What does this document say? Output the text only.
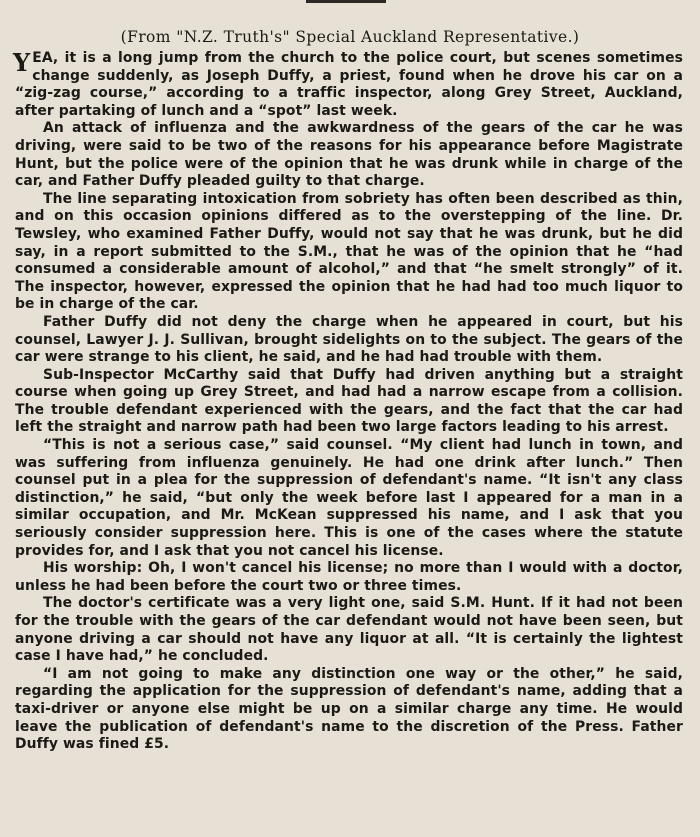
(From "N.Z. Truth's" Special Auckland Representative.)

YEA, it is a long jump from the church to the police court, but scenes sometimes change suddenly, as Joseph Duffy, a priest, found when he drove his car on a “zig-zag course,” according to a traffic inspector, along Grey Street, Auckland, after partaking of lunch and a “spot” last week.

An attack of influenza and the awkwardness of the gears of the car he was driving, were said to be two of the reasons for his appearance before Magistrate Hunt, but the police were of the opinion that he was drunk while in charge of the car, and Father Duffy pleaded guilty to that charge.

The line separating intoxication from sobriety has often been described as thin, and on this occasion opinions differed as to the overstepping of the line. Dr. Tewsley, who examined Father Duffy, would not say that he was drunk, but he did say, in a report submitted to the S.M., that he was of the opinion that he “had consumed a considerable amount of alcohol,” and that “he smelt strongly” of it. The inspector, however, expressed the opinion that he had had too much liquor to be in charge of the car.

Father Duffy did not deny the charge when he appeared in court, but his counsel, Lawyer J. J. Sullivan, brought sidelights on to the subject. The gears of the car were strange to his client, he said, and he had had trouble with them.

Sub-Inspector McCarthy said that Duffy had driven anything but a straight course when going up Grey Street, and had had a narrow escape from a collision. The trouble defendant experienced with the gears, and the fact that the car had left the straight and narrow path had been two large factors leading to his arrest.

“This is not a serious case,” said counsel. “My client had lunch in town, and was suffering from influenza genuinely. He had one drink after lunch.” Then counsel put in a plea for the suppression of defendant's name. “It isn't any class distinction,” he said, “but only the week before last I appeared for a man in a similar occupation, and Mr. McKean suppressed his name, and I ask that you seriously consider suppression here. This is one of the cases where the statute provides for, and I ask that you not cancel his license.

His worship: Oh, I won't cancel his license; no more than I would with a doctor, unless he had been before the court two or three times.

The doctor's certificate was a very light one, said S.M. Hunt. If it had not been for the trouble with the gears of the car defendant would not have been seen, but anyone driving a car should not have any liquor at all. “It is certainly the lightest case I have had,” he concluded.

“I am not going to make any distinction one way or the other,” he said, regarding the application for the suppression of defendant's name, adding that a taxi-driver or anyone else might be up on a similar charge any time. He would leave the publication of defendant's name to the discretion of the Press. Father Duffy was fined £5.
